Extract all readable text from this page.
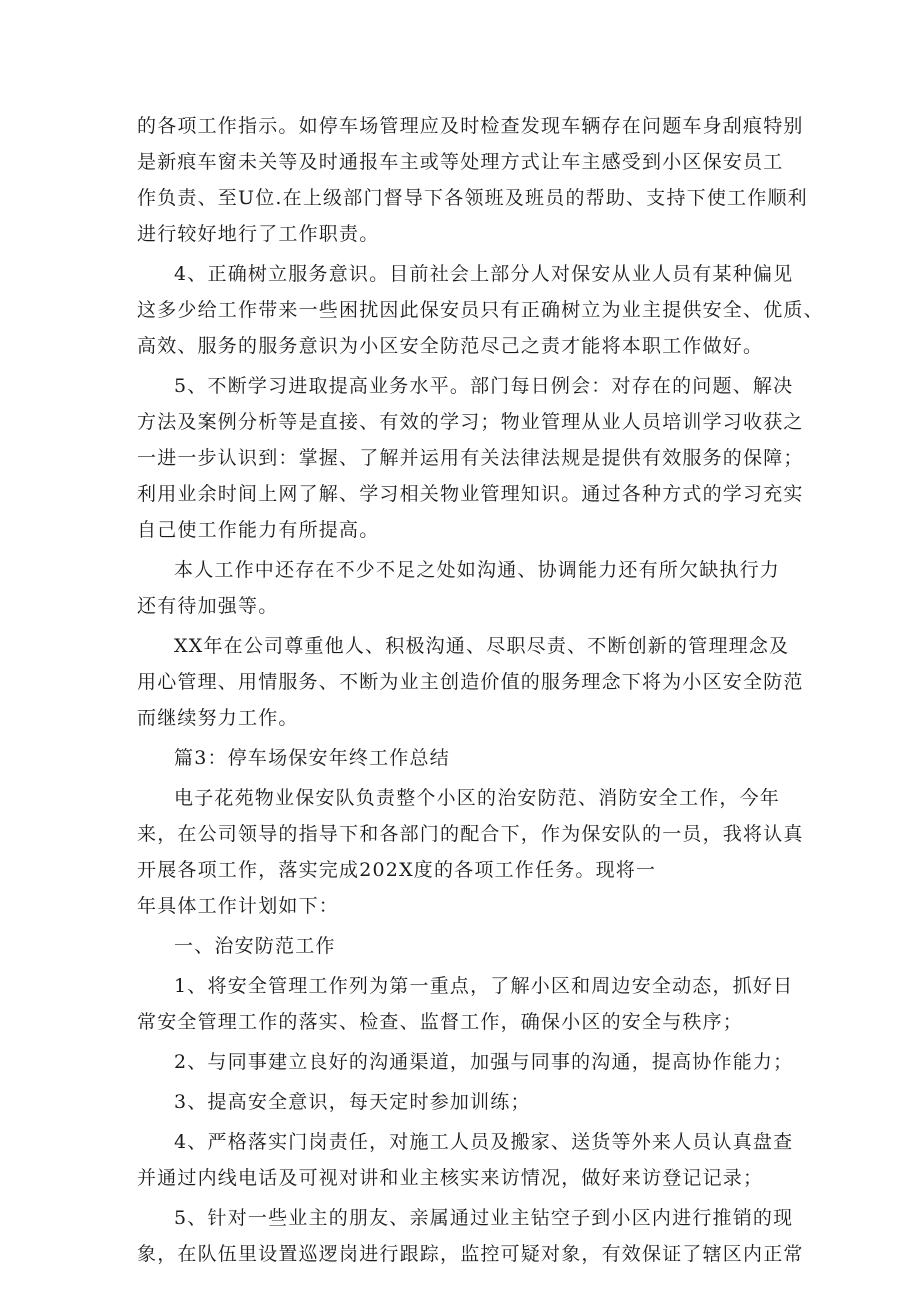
的各项工作指示。如停车场管理应及时检查发现车辆存在问题车身刮痕特别
是新痕车窗未关等及时通报车主或等处理方式让车主感受到小区保安员工
作负责、至U位.在上级部门督导下各领班及班员的帮助、支持下使工作顺利
进行较好地行了工作职责。
4、正确树立服务意识。目前社会上部分人对保安从业人员有某种偏见
这多少给工作带来一些困扰因此保安员只有正确树立为业主提供安全、优质、
高效、服务的服务意识为小区安全防范尽己之责才能将本职工作做好。
5、不断学习进取提高业务水平。部门每日例会：对存在的问题、解决
方法及案例分析等是直接、有效的学习；物业管理从业人员培训学习收获之
一进一步认识到：掌握、了解并运用有关法律法规是提供有效服务的保障；
利用业余时间上网了解、学习相关物业管理知识。通过各种方式的学习充实
自己使工作能力有所提高。
本人工作中还存在不少不足之处如沟通、协调能力还有所欠缺执行力
还有待加强等。
XX年在公司尊重他人、积极沟通、尽职尽责、不断创新的管理理念及
用心管理、用情服务、不断为业主创造价值的服务理念下将为小区安全防范
而继续努力工作。
篇3：停车场保安年终工作总结
电子花苑物业保安队负责整个小区的治安防范、消防安全工作，今年
来，在公司领导的指导下和各部门的配合下，作为保安队的一员，我将认真
开展各项工作，落实完成202X度的各项工作任务。现将一
年具体工作计划如下：
一、治安防范工作
1、将安全管理工作列为第一重点，了解小区和周边安全动态，抓好日
常安全管理工作的落实、检查、监督工作，确保小区的安全与秩序；
2、与同事建立良好的沟通渠道，加强与同事的沟通，提高协作能力；
3、提高安全意识，每天定时参加训练；
4、严格落实门岗责任，对施工人员及搬家、送货等外来人员认真盘查
并通过内线电话及可视对讲和业主核实来访情况，做好来访登记记录；
5、针对一些业主的朋友、亲属通过业主钻空子到小区内进行推销的现
象，在队伍里设置巡逻岗进行跟踪，监控可疑对象，有效保证了辖区内正常
